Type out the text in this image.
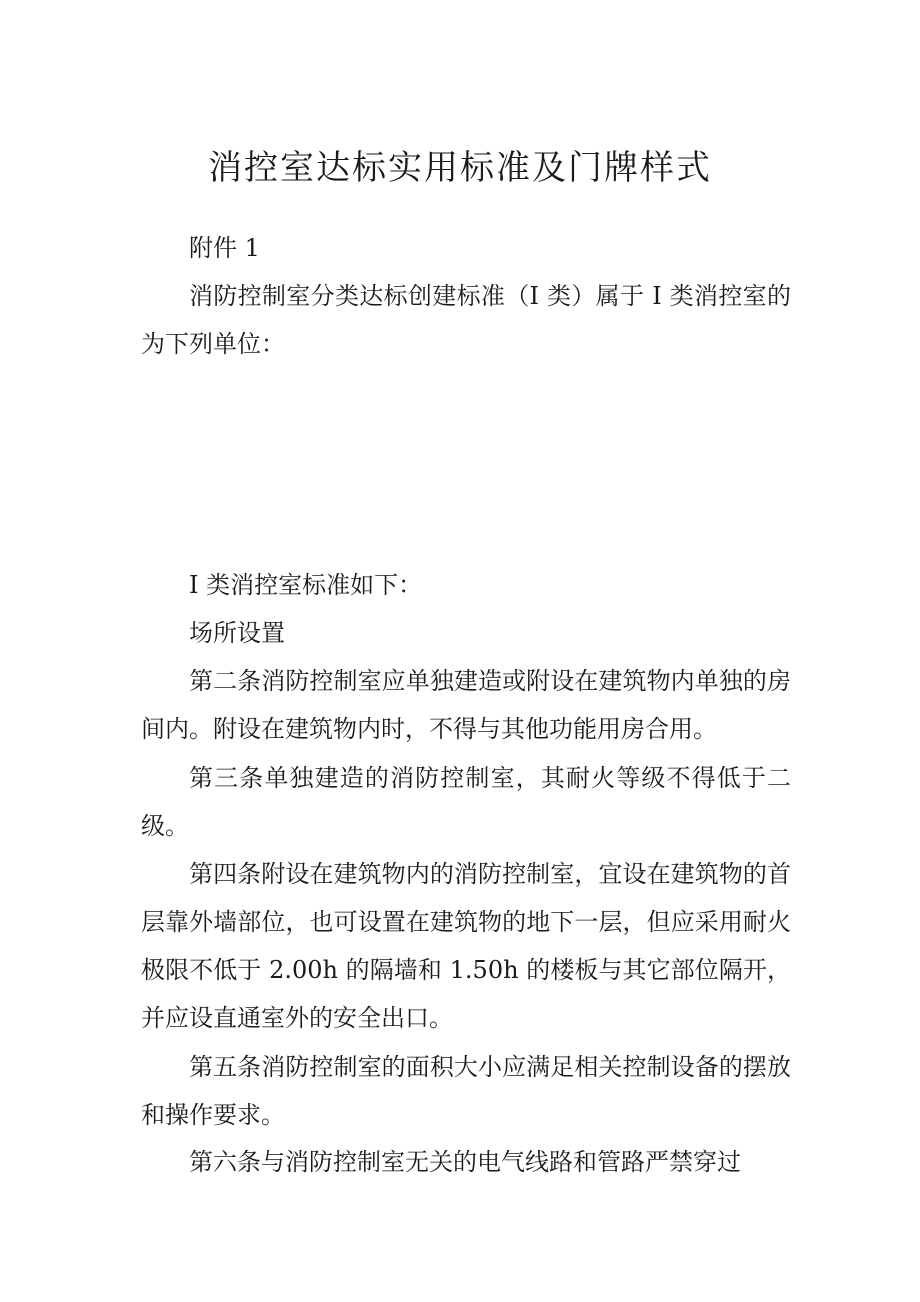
消控室达标实用标准及门牌样式

附件 1

消防控制室分类达标创建标准（I 类）属于 I 类消控室的为下列单位：

I 类消控室标准如下：

场所设置

第二条消防控制室应单独建造或附设在建筑物内单独的房间内。附设在建筑物内时，不得与其他功能用房合用。

第三条单独建造的消防控制室，其耐火等级不得低于二级。

第四条附设在建筑物内的消防控制室，宜设在建筑物的首层靠外墙部位，也可设置在建筑物的地下一层，但应采用耐火极限不低于 2.00h 的隔墙和 1.50h 的楼板与其它部位隔开，并应设直通室外的安全出口。

第五条消防控制室的面积大小应满足相关控制设备的摆放和操作要求。

第六条与消防控制室无关的电气线路和管路严禁穿过
